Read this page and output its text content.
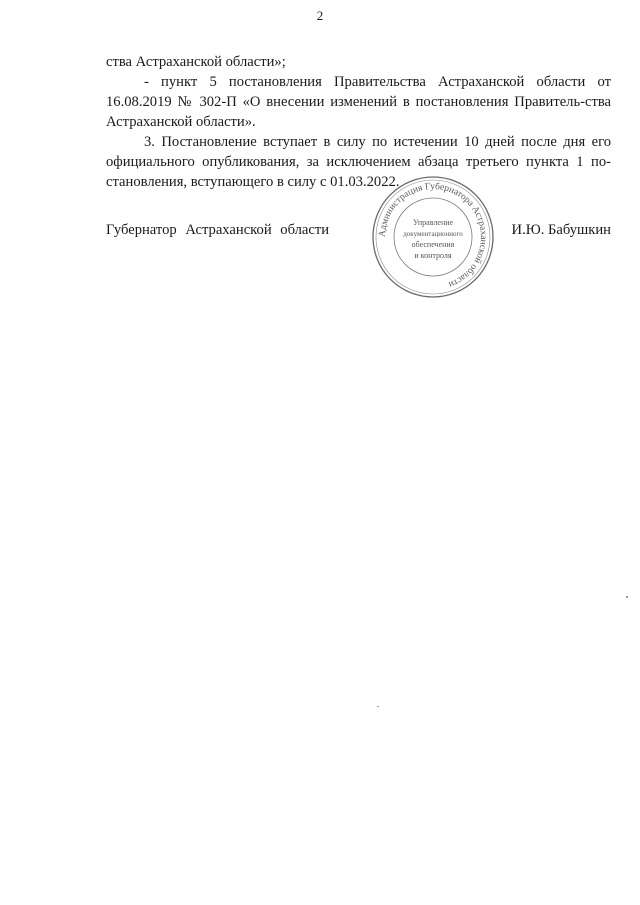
2

ства Астраханской области»;

- пункт 5 постановления Правительства Астраханской области от 16.08.2019 № 302-П «О внесении изменений в постановления Правитель-ства Астраханской области».

3. Постановление вступает в силу по истечении 10 дней после дня его официального опубликования, за исключением абзаца третьего пункта 1 по-становления, вступающего в силу с 01.03.2022.

Губернатор Астраханской области	Администрация Губернатора Астраханской области
Управление
документационного
обеспечения
и контроля
И.Ю. Бабушкин
